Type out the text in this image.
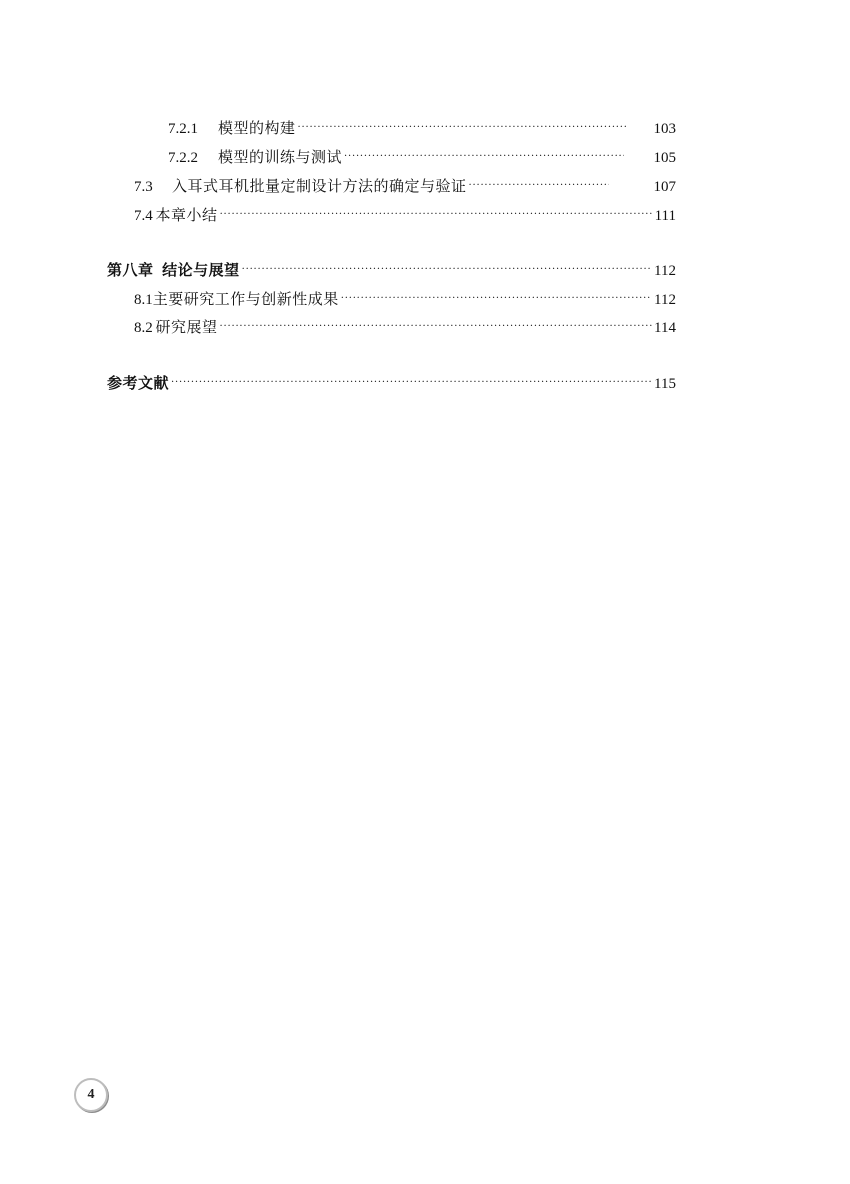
7.2.1	模型的构建 ·····	103
7.2.2	模型的训练与测试 ·····	105
7.3	入耳式耳机批量定制设计方法的确定与验证 ·····	107
7.4 本章小结 ·····	111
第八章 结论与展望 ·····	112
8.1 主要研究工作与创新性成果 ·····	112
8.2 研究展望 ·····	114
参考文献 ·····	115
4
